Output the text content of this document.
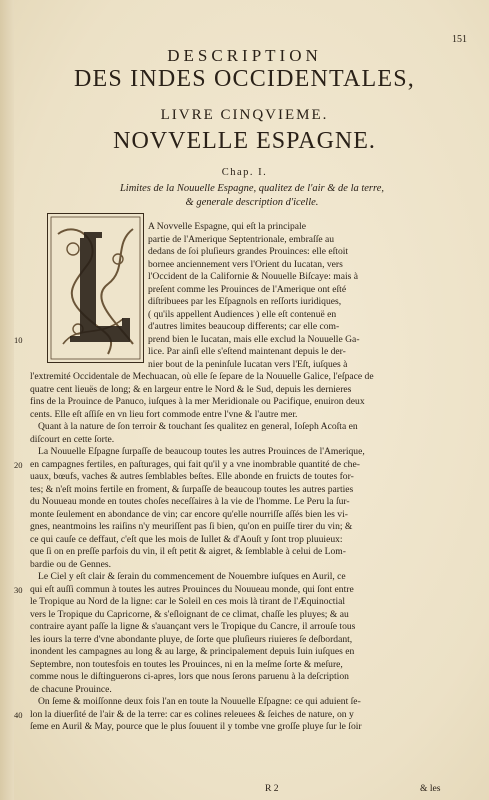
151
DESCRIPTION
DES INDES OCCIDENTALES,
LIVRE CINQVIEME.
NOVVELLE ESPAGNE.
Chap. I.
Limites de la Nouuelle Espagne, qualitez de l'air & de la terre,
& generale description d'icelle.
A Novvelle Espagne, qui eſt la principale
partie de l'Amerique Septentrionale, embraſſe au
dedans de ſoi pluſieurs grandes Prouinces: elle eſtoit
bornee anciennement vers l'Orient du Iucatan, vers
l'Occident de la Californie & Nouuelle Biſcaye: mais à
preſent comme les Prouinces de l'Amerique ont eſté
diſtribuees par les Eſpagnols en reſſorts iuridiques,
( qu'ils appellent Audiences ) elle eſt contenuë en
d'autres limites beaucoup differents; car elle com-
prend bien le Iucatan, mais elle exclud la Nouuelle Ga-
lice. Par ainſi elle s'eſtend maintenant depuis le der-
nier bout de la peninſule Iucatan vers l'Eſt, iuſques à
l'extremité Occidentale de Mechuacan, où elle ſe ſepare de la Nouuelle Galice, l'eſpace de
quatre cent lieuës de long; & en largeur entre le Nord & le Sud, depuis les dernieres
fins de la Prouince de Panuco, iuſques à la mer Meridionale ou Pacifique, enuiron deux
cents. Elle eſt aſſiſe en vn lieu fort commode entre l'vne & l'autre mer.
Quant à la nature de ſon terroir & touchant ſes qualitez en general, Ioſeph Acoſta en
diſcourt en cette ſorte.
La Nouuelle Eſpagne ſurpaſſe de beaucoup toutes les autres Prouinces de l'Amerique,
en campagnes fertiles, en paſturages, qui fait qu'il y a vne inombrable quantité de che-
uaux, bœufs, vaches & autres ſemblables beſtes. Elle abonde en fruicts de toutes for-
tes; & n'eſt moins fertile en froment, & ſurpaſſe de beaucoup toutes les autres parties
du Nouueau monde en toutes choſes neceſſaires à la vie de l'homme. Le Peru la ſur-
monte ſeulement en abondance de vin; car encore qu'elle nourriſſe aſſés bien les vi-
gnes, neantmoins les raiſins n'y meuriſſent pas ſi bien, qu'on en puiſſe tirer du vin; &
ce qui cauſe ce deffaut, c'eſt que les mois de Iullet & d'Aouſt y ſont trop pluuieux:
que ſi on en preſſe parfois du vin, il eſt petit & aigret, & ſemblable à celui de Lom-
bardie ou de Gennes.
Le Ciel y eſt clair & ſerain du commencement de Nouembre iuſques en Auril, ce
qui eſt auſſi commun à toutes les autres Prouinces du Nouueau monde, qui ſont entre
le Tropique au Nord de la ligne: car le Soleil en ces mois là tirant de l'Æquinoctial
vers le Tropique du Capricorne, & s'eſloignant de ce climat, chaſſe les pluyes; & au
contraire ayant paſſe la ligne & s'auançant vers le Tropique du Cancre, il arrouſe tous
les iours la terre d'vne abondante pluye, de ſorte que pluſieurs riuieres ſe deſbordant,
inondent les campagnes au long & au large, & principalement depuis Iuin iuſques en
Septembre, non toutesfois en toutes les Prouinces, ni en la meſme ſorte & meſure,
comme nous le diſtinguerons ci-apres, lors que nous ſerons paruenu à la deſcription
de chacune Prouince.
On ſeme & moiſſonne deux fois l'an en toute la Nouuelle Eſpagne: ce qui aduient ſe-
lon la diuerſité de l'air & de la terre: car es colines releuees & ſeiches de nature, on y
ſeme en Auril & May, pource que le plus ſouuent il y tombe vne groſſe pluye ſur le ſoir
10
20
30
40
R 2	& les
